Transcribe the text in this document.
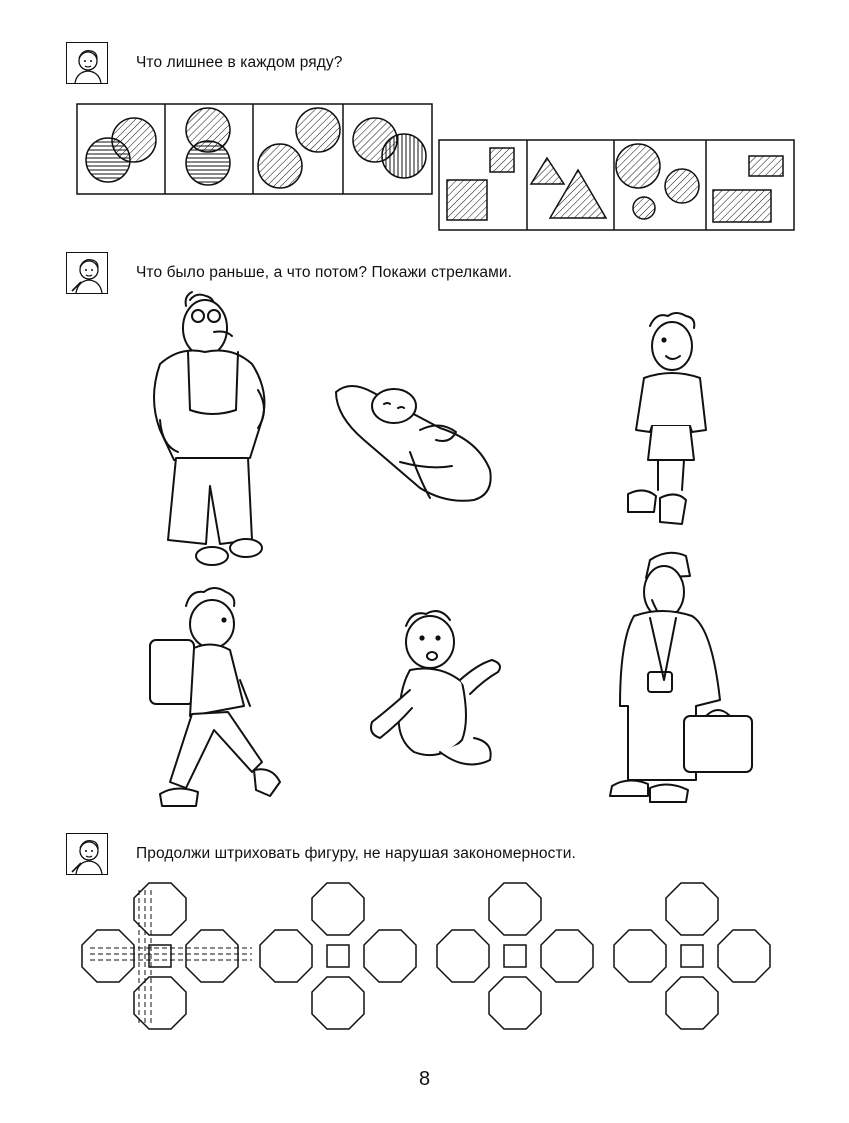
Что лишнее в каждом ряду?
Что было раньше, а что потом? Покажи стрелками.
Продолжи штриховать фигуру, не нарушая закономерности.
8
